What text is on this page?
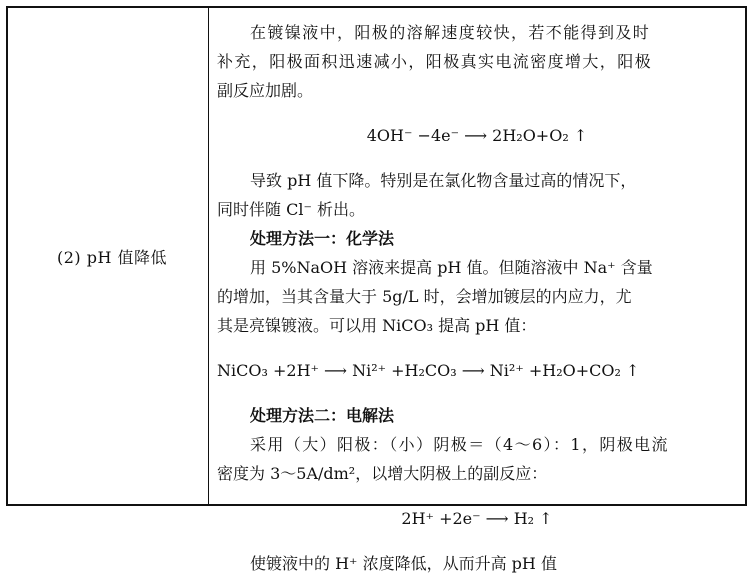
(2) pH 值降低

在镀镍液中，阳极的溶解速度较快，若不能得到及时

补充，阳极面积迅速减小，阳极真实电流密度增大，阳极

副反应加剧。

4OH⁻ −4e⁻ ⟶ 2H₂O+O₂ ↑

导致 pH 值下降。特别是在氯化物含量过高的情况下，

同时伴随 Cl⁻ 析出。

处理方法一：化学法

用 5%NaOH 溶液来提高 pH 值。但随溶液中 Na⁺ 含量

的增加，当其含量大于 5g/L 时，会增加镀层的内应力，尤

其是亮镍镀液。可以用 NiCO₃ 提高 pH 值：

NiCO₃ +2H⁺ ⟶ Ni²⁺ +H₂CO₃ ⟶ Ni²⁺ +H₂O+CO₂ ↑

处理方法二：电解法

采用（大）阳极：（小）阴极＝（4～6）：1，阴极电流

密度为 3～5A/dm²，以增大阴极上的副反应：

2H⁺ +2e⁻ ⟶ H₂ ↑

使镀液中的 H⁺ 浓度降低，从而升高 pH 值
